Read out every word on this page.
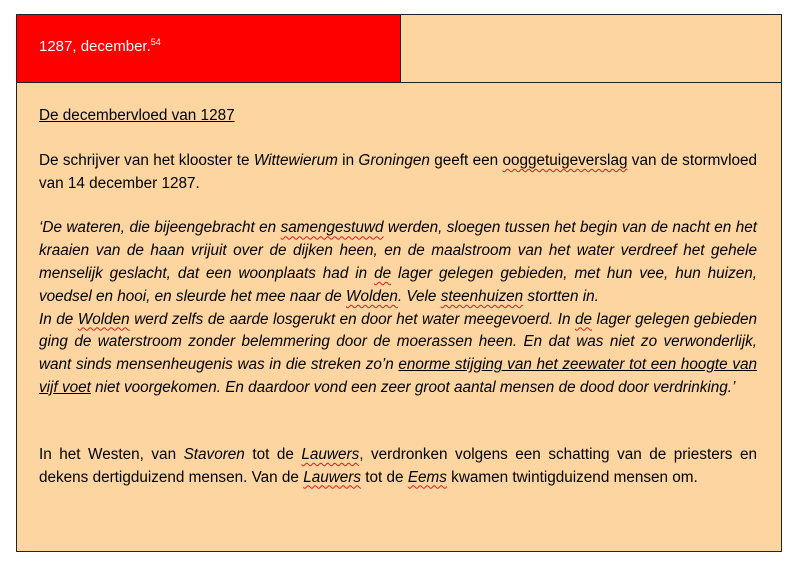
1287, december.$^{54}$

De decembervloed van 1287

De schrijver van het klooster te Wittewierum in Groningen geeft een ooggetuigeverslag van de stormvloed van 14 december 1287.

‘De wateren, die bijeengebracht en samengestuwd werden, sloegen tussen het begin van de nacht en het kraaien van de haan vrijuit over de dijken heen, en de maalstroom van het water verdreef het gehele menselijk geslacht, dat een woonplaats had in de lager gelegen gebieden, met hun vee, hun huizen, voedsel en hooi, en sleurde het mee naar de Wolden. Vele steenhuizen stortten in.

In de Wolden werd zelfs de aarde losgerukt en door het water meegevoerd. In de lager gelegen gebieden ging de waterstroom zonder belemmering door de moerassen heen. En dat was niet zo verwonderlijk, want sinds mensenheugenis was in die streken zo’n enorme stijging van het zeewater tot een hoogte van vijf voet niet voorgekomen. En daardoor vond een zeer groot aantal mensen de dood door verdrinking.’

In het Westen, van Stavoren tot de Lauwers, verdronken volgens een schatting van de priesters en dekens dertigduizend mensen. Van de Lauwers tot de Eems kwamen twintigduizend mensen om.
